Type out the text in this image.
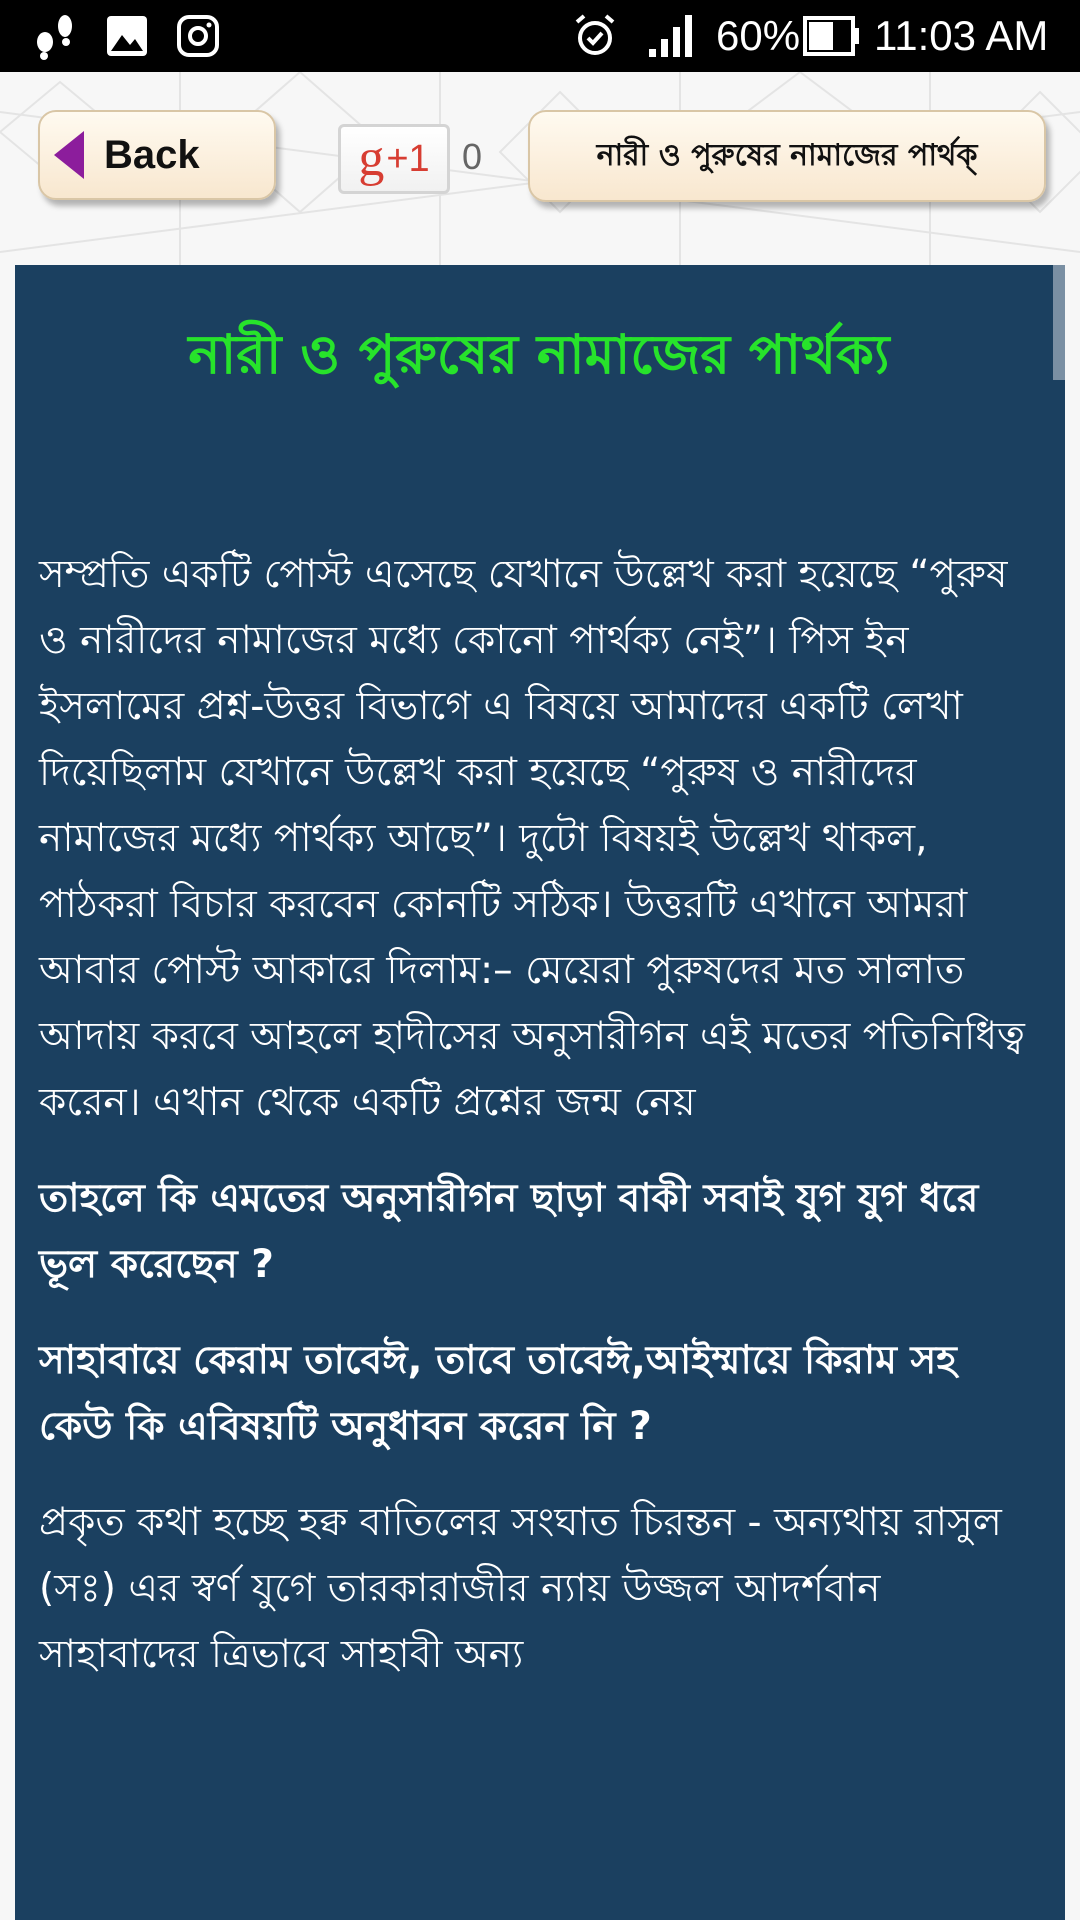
60% 11:03 AM
Back	g +1 0	নারী ও পুরুষের নামাজের পার্থক্
নারী ও পুরুষের নামাজের পার্থক্য

সম্প্রতি একটি পোস্ট এসেছে যেখানে উল্লেখ করা হয়েছে “পুরুষ ও নারীদের নামাজের মধ্যে কোনো পার্থক্য নেই”। পিস ইন ইসলামের প্রশ্ন-উত্তর বিভাগে এ বিষয়ে আমাদের একটি লেখা দিয়েছিলাম যেখানে উল্লেখ করা হয়েছে “পুরুষ ও নারীদের নামাজের মধ্যে পার্থক্য আছে”। দুটো বিষয়ই উল্লেখ থাকল, পাঠকরা বিচার করবেন কোনটি সঠিক। উত্তরটি এখানে আমরা আবার পোস্ট আকারে দিলাম:– মেয়েরা পুরুষদের মত সালাত আদায় করবে আহলে হাদীসের অনুসারীগন এই মতের পতিনিধিত্ব করেন। এখান থেকে একটি প্রশ্নের জন্ম নেয়

তাহলে কি এমতের অনুসারীগন ছাড়া বাকী সবাই যুগ যুগ ধরে ভূল করেছেন ?

সাহাবায়ে কেরাম তাবেঈ, তাবে তাবেঈ,আইম্মায়ে কিরাম সহ কেউ কি এবিষয়টি অনুধাবন করেন নি ?

প্রকৃত কথা হচ্ছে হক্ব বাতিলের সংঘাত চিরন্তন - অন্যথায় রাসুল (সঃ) এর স্বর্ণ যুগে তারকারাজীর ন্যায় উজ্জল আদর্শবান সাহাবাদের ত্রিভাবে সাহাবী অন্য
